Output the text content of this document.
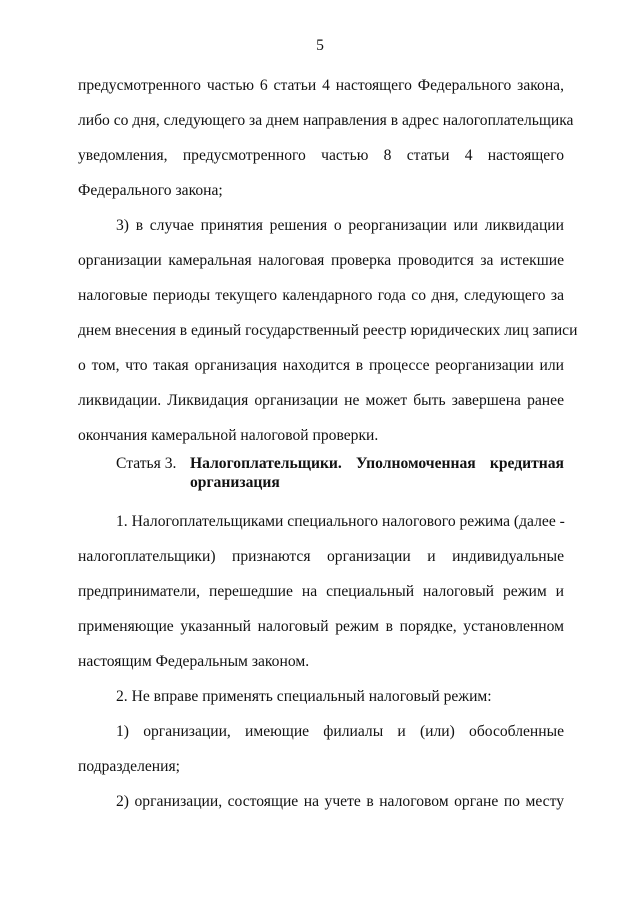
5
предусмотренного частью 6 статьи 4 настоящего Федерального закона,
либо со дня, следующего за днем направления в адрес налогоплательщика
уведомления, предусмотренного частью 8 статьи 4 настоящего
Федерального закона;
3) в случае принятия решения о реорганизации или ликвидации
организации камеральная налоговая проверка проводится за истекшие
налоговые периоды текущего календарного года со дня, следующего за
днем внесения в единый государственный реестр юридических лиц записи
о том, что такая организация находится в процессе реорганизации или
ликвидации. Ликвидация организации не может быть завершена ранее
окончания камеральной налоговой проверки.
Статья 3. Налогоплательщики. Уполномоченная кредитная
организация
1. Налогоплательщиками специального налогового режима (далее -
налогоплательщики) признаются организации и индивидуальные
предприниматели, перешедшие на специальный налоговый режим и
применяющие указанный налоговый режим в порядке, установленном
настоящим Федеральным законом.
2. Не вправе применять специальный налоговый режим:
1) организации, имеющие филиалы и (или) обособленные
подразделения;
2) организации, состоящие на учете в налоговом органе по месту
